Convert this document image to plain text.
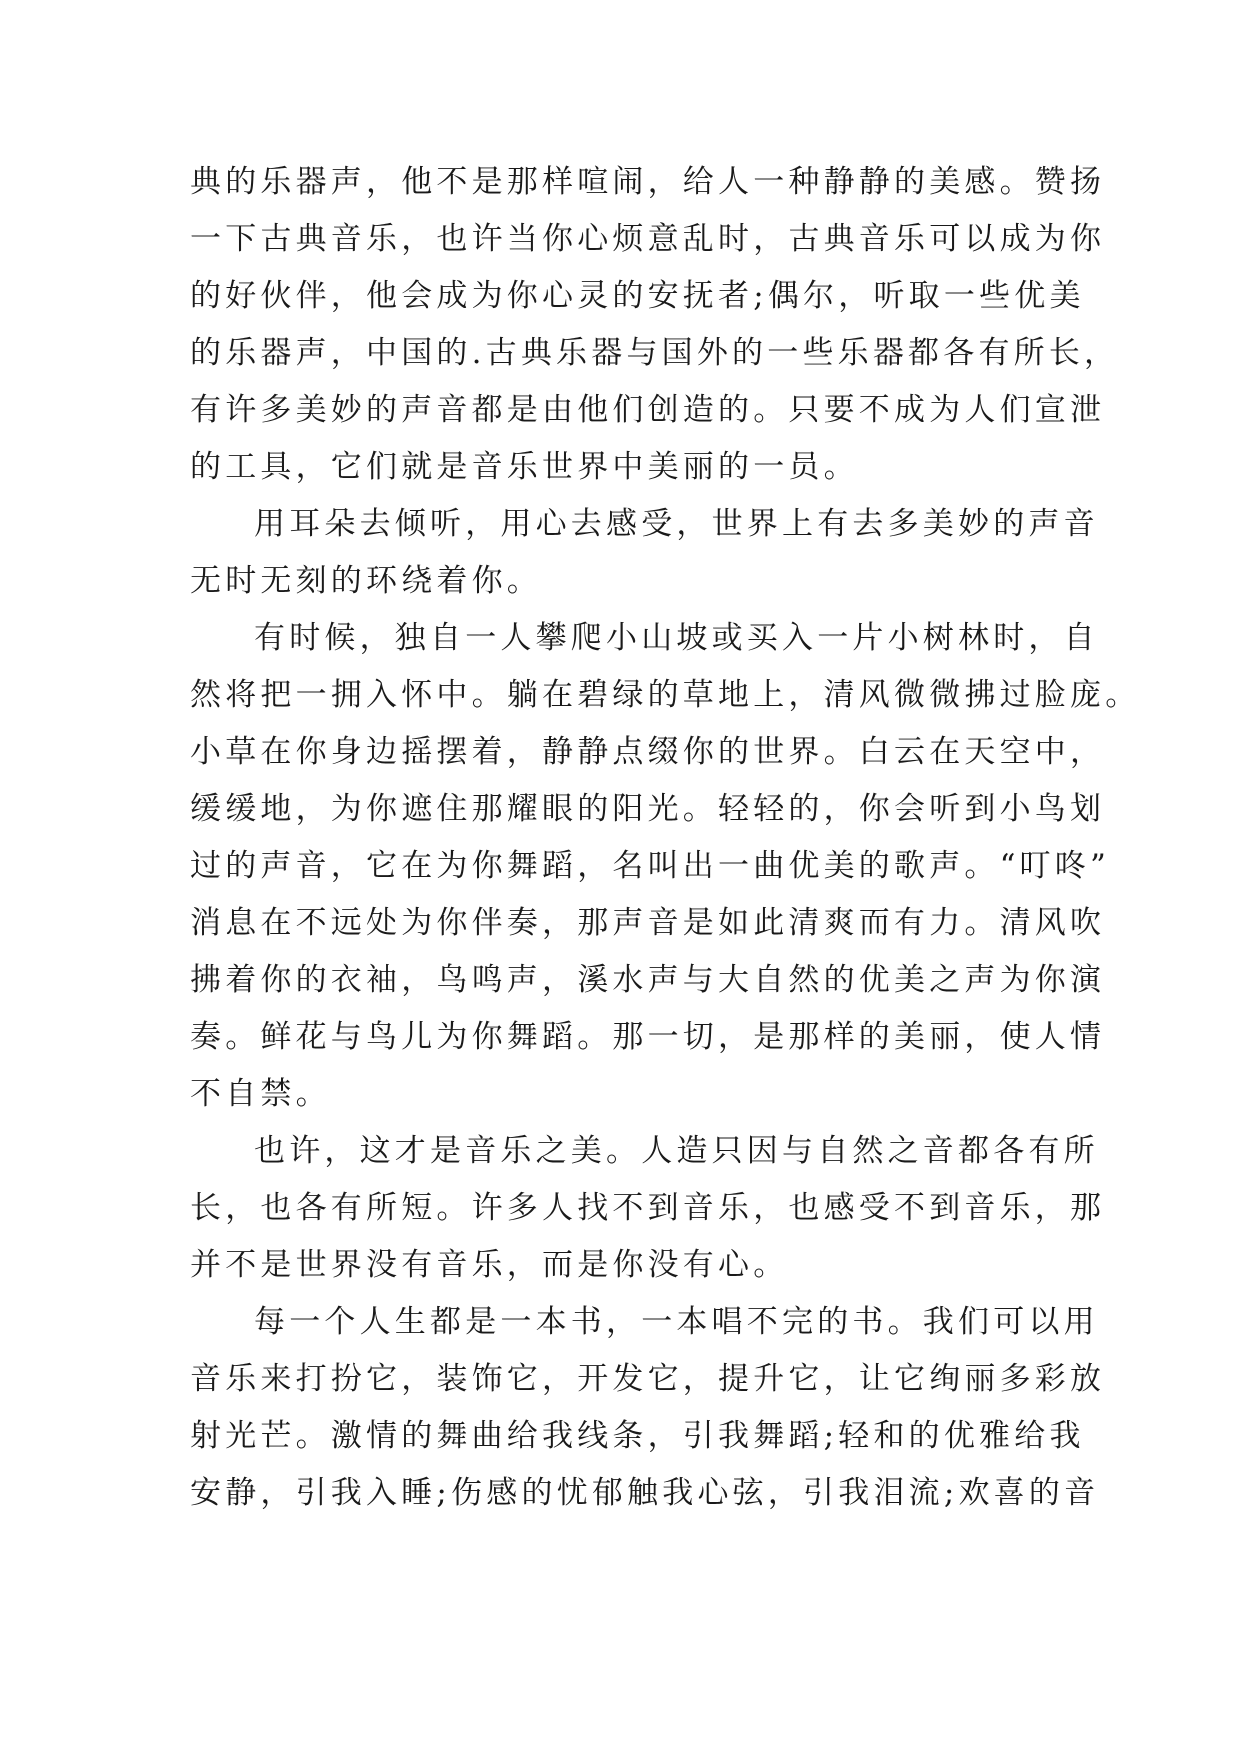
典的乐器声，他不是那样喧闹，给人一种静静的美感。赞扬
一下古典音乐，也许当你心烦意乱时，古典音乐可以成为你
的好伙伴，他会成为你心灵的安抚者;偶尔，听取一些优美
的乐器声，中国的.古典乐器与国外的一些乐器都各有所长，
有许多美妙的声音都是由他们创造的。只要不成为人们宣泄
的工具，它们就是音乐世界中美丽的一员。
用耳朵去倾听，用心去感受，世界上有去多美妙的声音
无时无刻的环绕着你。
有时候，独自一人攀爬小山坡或买入一片小树林时，自
然将把一拥入怀中。躺在碧绿的草地上，清风微微拂过脸庞。
小草在你身边摇摆着，静静点缀你的世界。白云在天空中，
缓缓地，为你遮住那耀眼的阳光。轻轻的，你会听到小鸟划
过的声音，它在为你舞蹈，名叫出一曲优美的歌声。“叮咚”
消息在不远处为你伴奏，那声音是如此清爽而有力。清风吹
拂着你的衣袖，鸟鸣声，溪水声与大自然的优美之声为你演
奏。鲜花与鸟儿为你舞蹈。那一切，是那样的美丽，使人情
不自禁。
也许，这才是音乐之美。人造只因与自然之音都各有所
长，也各有所短。许多人找不到音乐，也感受不到音乐，那
并不是世界没有音乐，而是你没有心。
每一个人生都是一本书，一本唱不完的书。我们可以用
音乐来打扮它，装饰它，开发它，提升它，让它绚丽多彩放
射光芒。激情的舞曲给我线条，引我舞蹈;轻和的优雅给我
安静，引我入睡;伤感的忧郁触我心弦，引我泪流;欢喜的音
